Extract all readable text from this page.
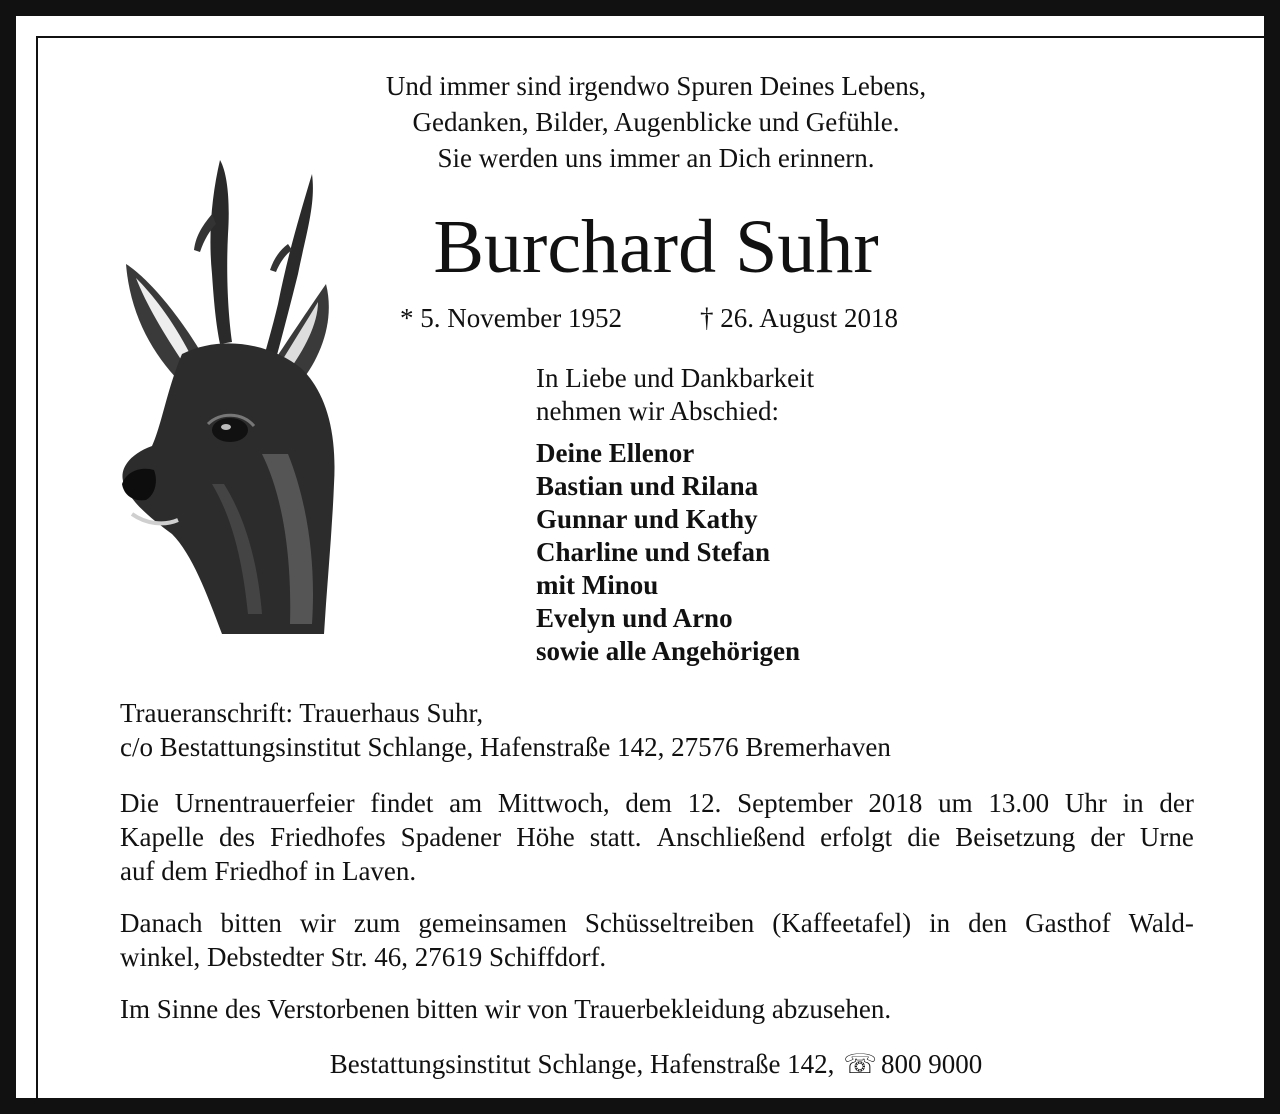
Und immer sind irgendwo Spuren Deines Lebens,
Gedanken, Bilder, Augenblicke und Gefühle.
Sie werden uns immer an Dich erinnern.
Burchard Suhr
* 5. November 1952	† 26. August 2018
In Liebe und Dankbarkeit
nehmen wir Abschied:
Deine Ellenor
Bastian und Rilana
Gunnar und Kathy
Charline und Stefan
mit Minou
Evelyn und Arno
sowie alle Angehörigen
Traueranschrift: Trauerhaus Suhr,
c/o Bestattungsinstitut Schlange, Hafenstraße 142, 27576 Bremerhaven
Die Urnentrauerfeier findet am Mittwoch, dem 12. September 2018 um 13.00 Uhr in der
Kapelle des Friedhofes Spadener Höhe statt. Anschließend erfolgt die Beisetzung der Urne
auf dem Friedhof in Laven.
Danach bitten wir zum gemeinsamen Schüsseltreiben (Kaffeetafel) in den Gasthof Wald-
winkel, Debstedter Str. 46, 27619 Schiffdorf.
Im Sinne des Verstorbenen bitten wir von Trauerbekleidung abzusehen.
Bestattungsinstitut Schlange, Hafenstraße 142, ☏ 800 9000
